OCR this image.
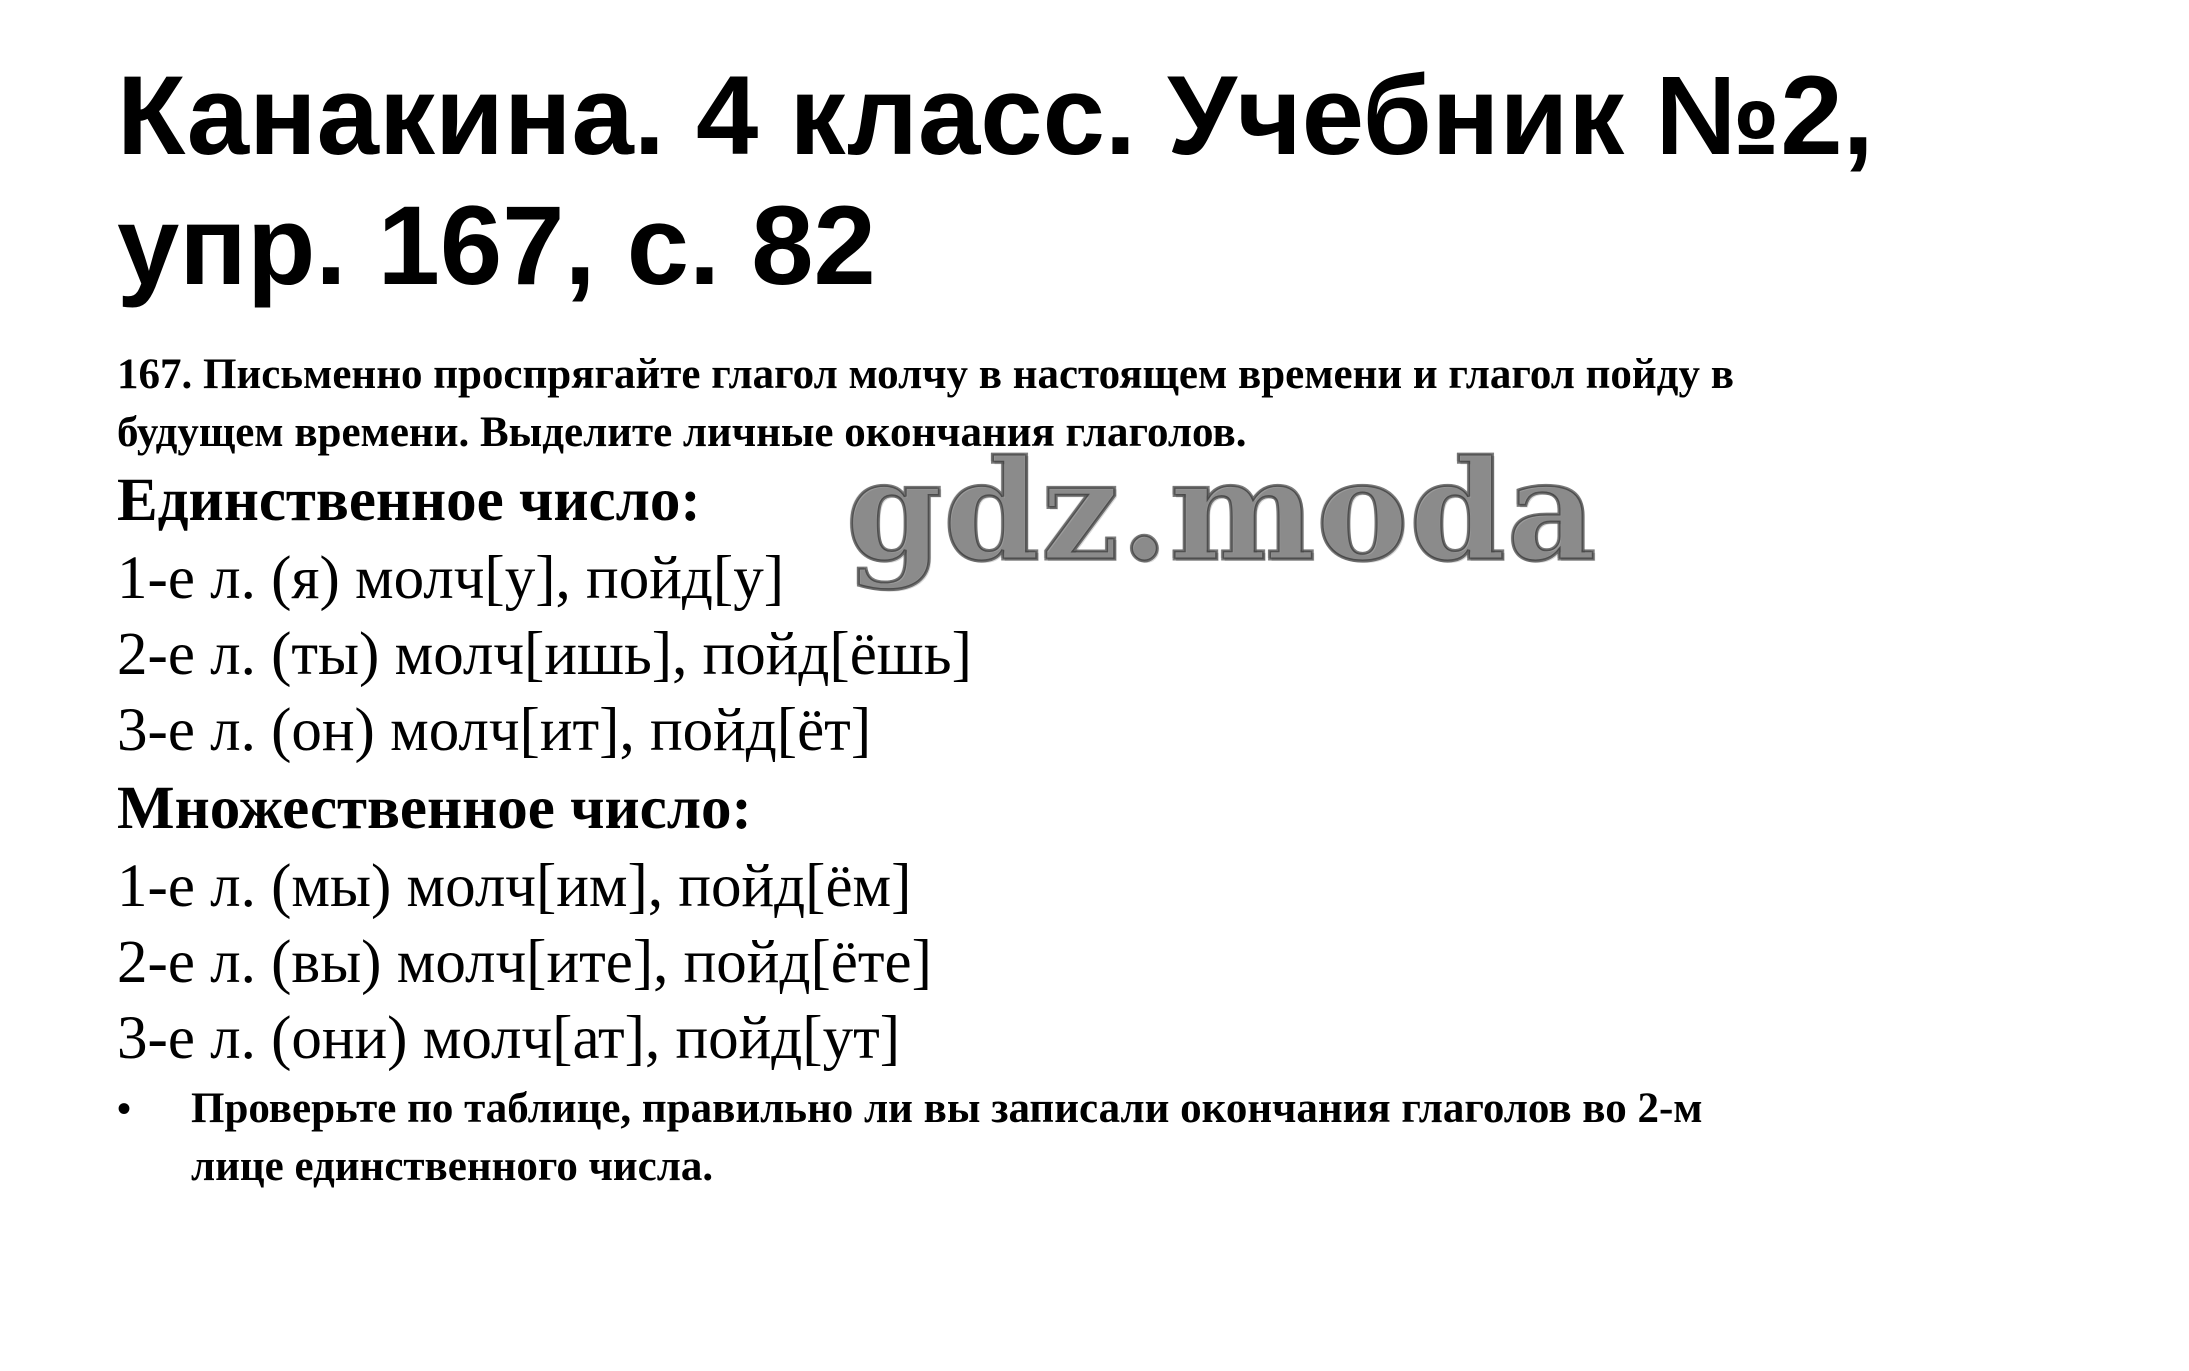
Канакина. 4 класс. Учебник №2,
упр. 167, с. 82
167. Письменно проспрягайте глагол молчу в настоящем времени и глагол пойду в
будущем времени. Выделите личные окончания глаголов.
Единственное число:
1-е л. (я) молч[у], пойд[у]
2-е л. (ты) молч[ишь], пойд[ёшь]
3-е л. (он) молч[ит], пойд[ёт]
Множественное число:
1-е л. (мы) молч[им], пойд[ём]
2-е л. (вы) молч[ите], пойд[ёте]
3-е л. (они) молч[ат], пойд[ут]
•	Проверьте по таблице, правильно ли вы записали окончания глаголов во 2-м
лице единственного числа.
gdz.moda
